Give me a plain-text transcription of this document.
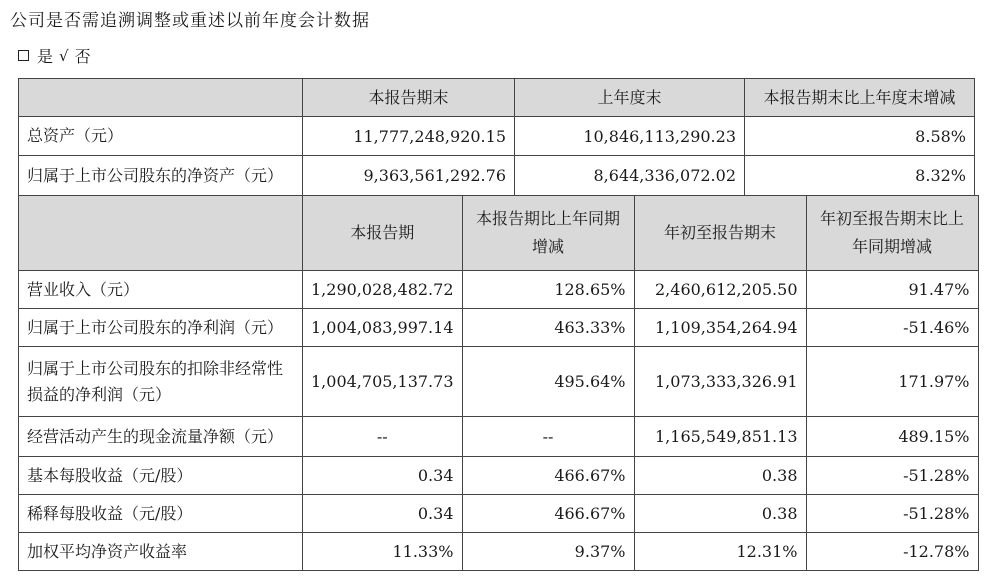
公司是否需追溯调整或重述以前年度会计数据
是 √ 否
	本报告期末	上年度末	本报告期末比上年度末增减
总资产（元）	11,777,248,920.15	10,846,113,290.23	8.58%
归属于上市公司股东的净资产（元）	9,363,561,292.76	8,644,336,072.02	8.32%
	本报告期	本报告期比上年同期增减	年初至报告期末	年初至报告期末比上年同期增减
营业收入（元）	1,290,028,482.72	128.65%	2,460,612,205.50	91.47%
归属于上市公司股东的净利润（元）	1,004,083,997.14	463.33%	1,109,354,264.94	-51.46%
归属于上市公司股东的扣除非经常性损益的净利润（元）	1,004,705,137.73	495.64%	1,073,333,326.91	171.97%
经营活动产生的现金流量净额（元）	--	--	1,165,549,851.13	489.15%
基本每股收益（元/股）	0.34	466.67%	0.38	-51.28%
稀释每股收益（元/股）	0.34	466.67%	0.38	-51.28%
加权平均净资产收益率	11.33%	9.37%	12.31%	-12.78%
